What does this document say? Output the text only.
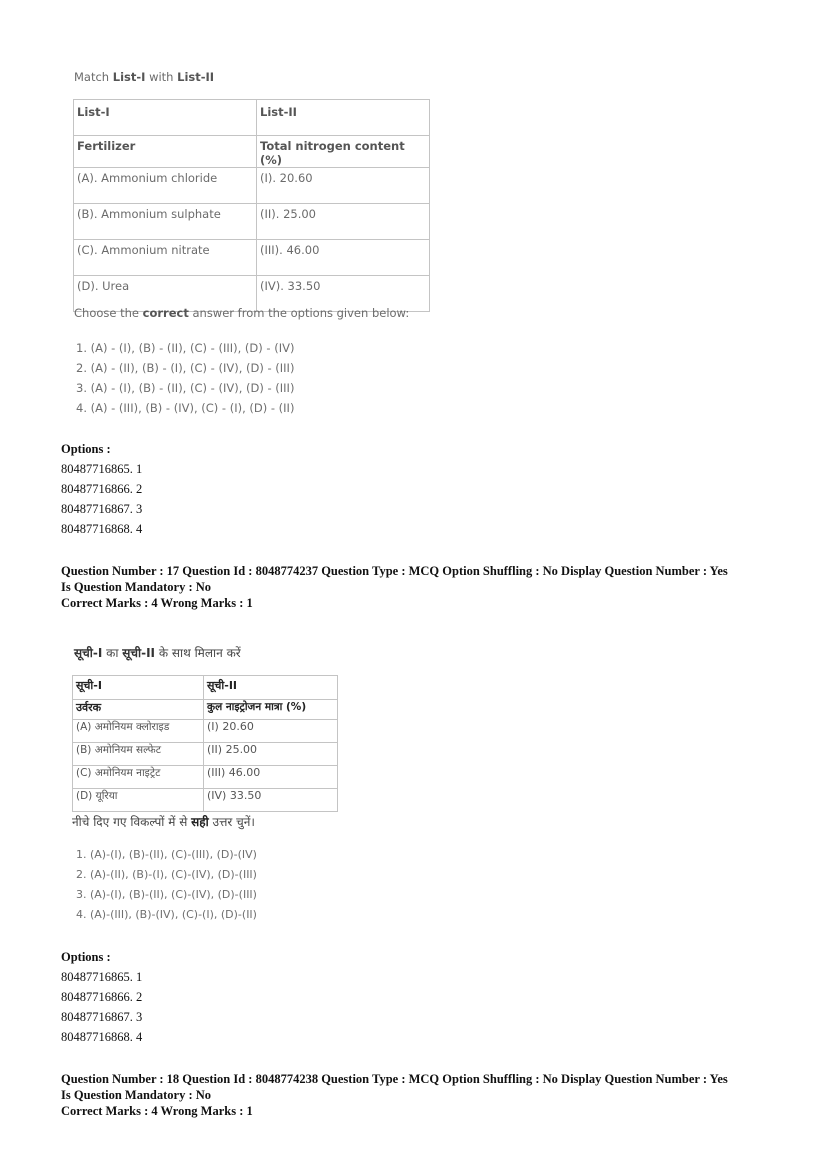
Match List-I with List-II
List-I	List-II

Fertilizer	Total nitrogen content (%)

(A). Ammonium chloride	(I). 20.60

(B). Ammonium sulphate	(II). 25.00

(C). Ammonium nitrate	(III). 46.00

(D). Urea	(IV). 33.50
Choose the correct answer from the options given below:
1. (A) - (I), (B) - (II), (C) - (III), (D) - (IV)
2. (A) - (II), (B) - (I), (C) - (IV), (D) - (III)
3. (A) - (I), (B) - (II), (C) - (IV), (D) - (III)
4. (A) - (III), (B) - (IV), (C) - (I), (D) - (II)
Options :
80487716865. 1
80487716866. 2
80487716867. 3
80487716868. 4
Question Number : 17 Question Id : 8048774237 Question Type : MCQ Option Shuffling : No Display Question Number : Yes
Is Question Mandatory : No
Correct Marks : 4 Wrong Marks : 1
सूची-I का सूची-II के साथ मिलान करें
सूची-I	सूची-II

उर्वरक	कुल नाइट्रोजन मात्रा (%)
(A) अमोनियम क्लोराइड	(I) 20.60
(B) अमोनियम सल्फेट	(II) 25.00
(C) अमोनियम नाइट्रेट	(III) 46.00
(D) यूरिया	(IV) 33.50
नीचे दिए गए विकल्पों में से सही उत्तर चुनें।
1. (A)-(I), (B)-(II), (C)-(III), (D)-(IV)
2. (A)-(II), (B)-(I), (C)-(IV), (D)-(III)
3. (A)-(I), (B)-(II), (C)-(IV), (D)-(III)
4. (A)-(III), (B)-(IV), (C)-(I), (D)-(II)
Options :
80487716865. 1
80487716866. 2
80487716867. 3
80487716868. 4
Question Number : 18 Question Id : 8048774238 Question Type : MCQ Option Shuffling : No Display Question Number : Yes
Is Question Mandatory : No
Correct Marks : 4 Wrong Marks : 1
